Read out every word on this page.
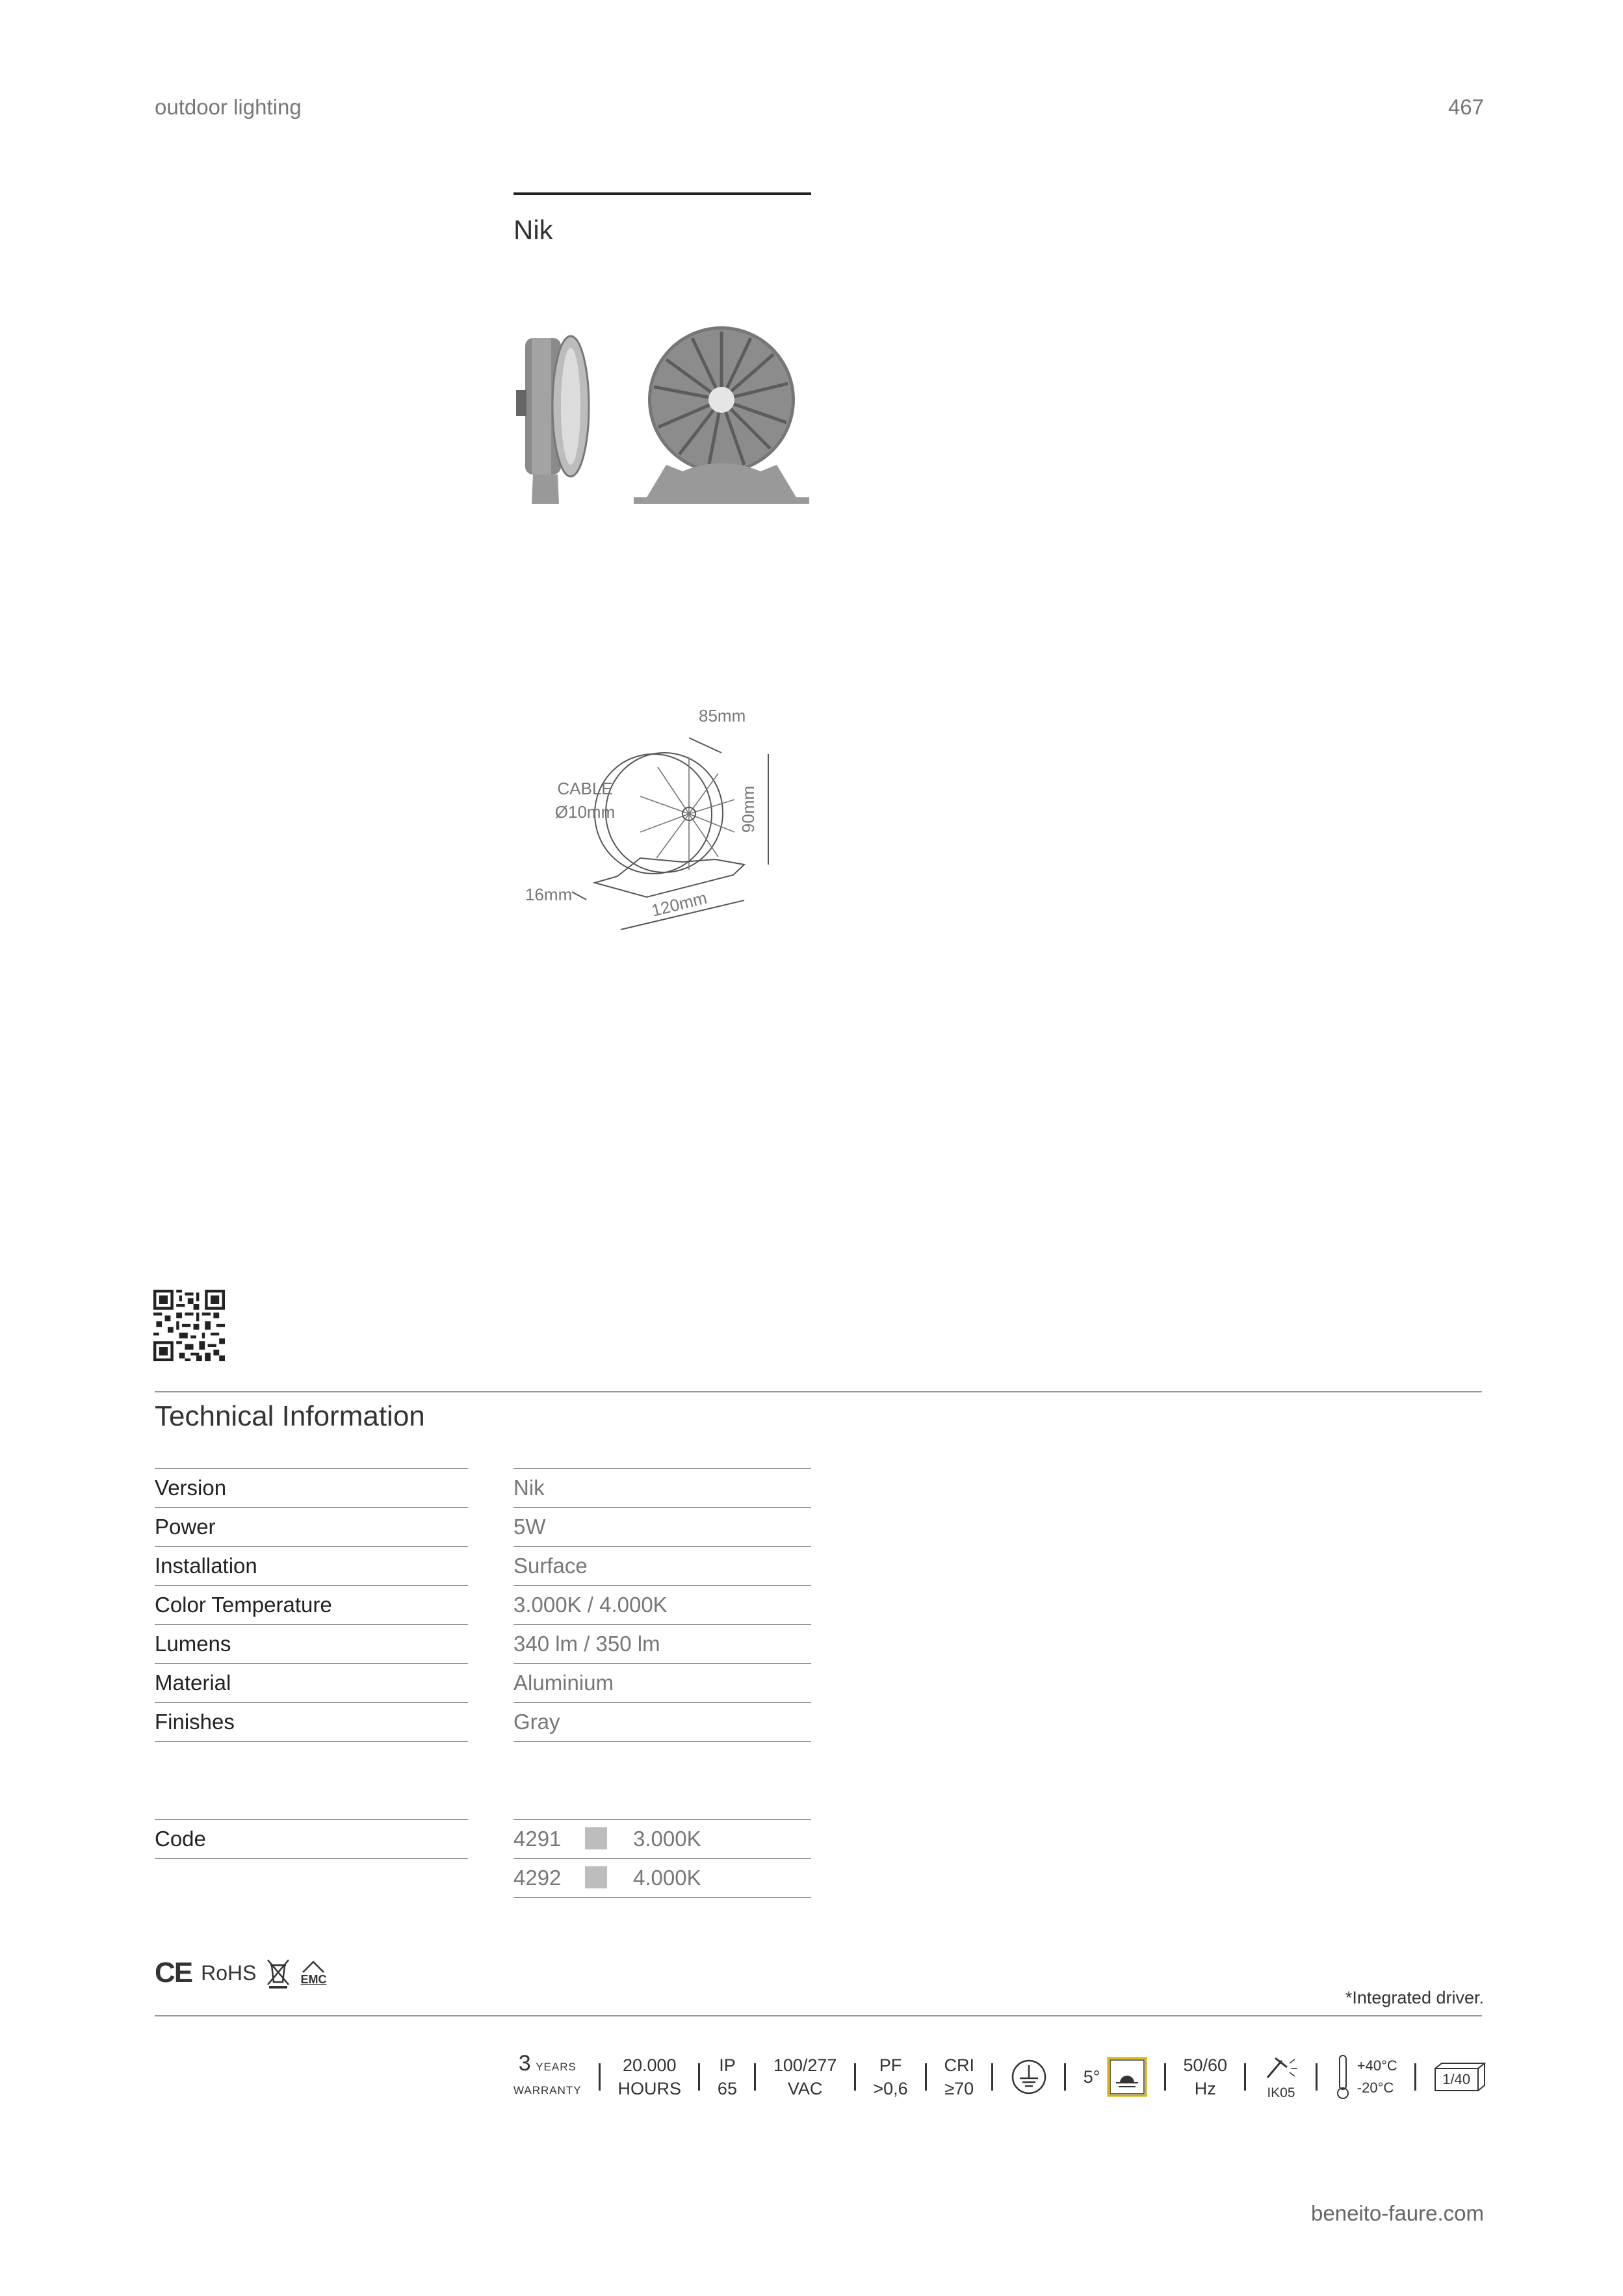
outdoor lighting	467
Nik
85mm
90mm
120mm
16mm
CABLE
Ø10mm
Technical Information
Version	Nik
Power	5W
Installation	Surface
Color Temperature	3.000K / 4.000K
Lumens	340 lm / 350 lm
Material	Aluminium
Finishes	Gray
Code	4291	3.000K
4292	4.000K
CE RoHS	EMC
*Integrated driver.
3 YEARS
WARRANTY
20.000
HOURS
IP
65
100/277
VAC
PF
>0,6
CRI
≥70
5°
50/60
Hz	IK05
+40°C
-20°C
1/40
beneito-faure.com
